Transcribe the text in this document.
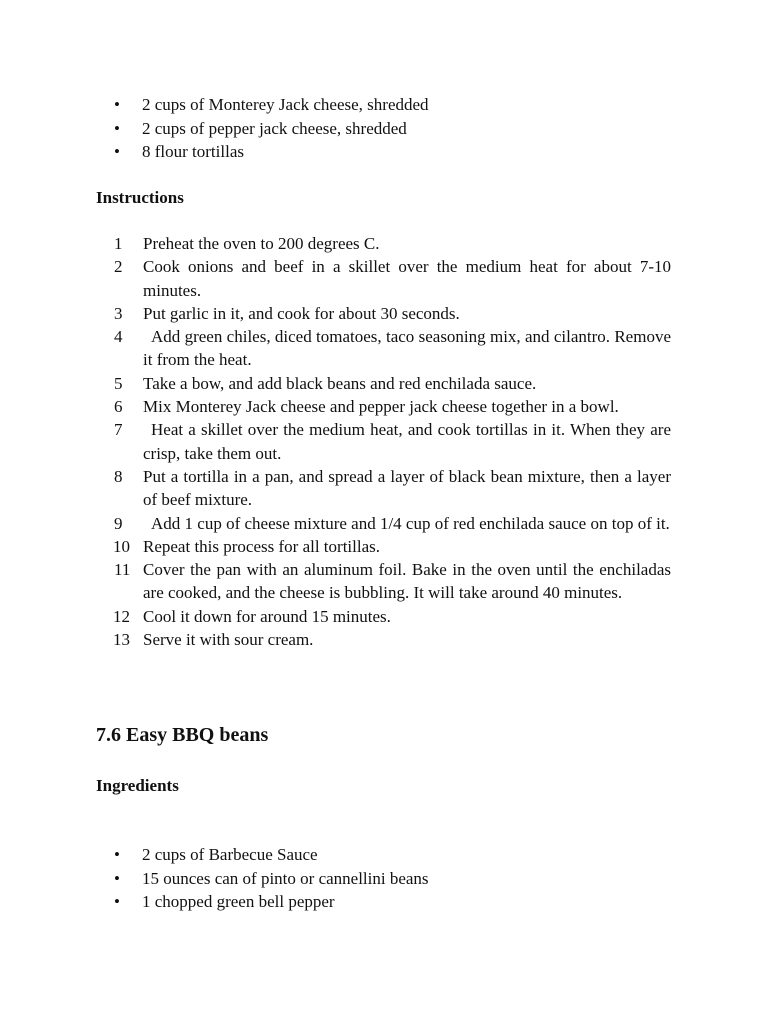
• 2 cups of Monterey Jack cheese, shredded
• 2 cups of pepper jack cheese, shredded
• 8 flour tortillas

Instructions

1 Preheat the oven to 200 degrees C.
2 Cook onions and beef in a skillet over the medium heat for about 7-10 minutes.
3 Put garlic in it, and cook for about 30 seconds.
4	Add green chiles, diced tomatoes, taco seasoning mix, and cilantro. Remove it from the heat.
5 Take a bow, and add black beans and red enchilada sauce.
6 Mix Monterey Jack cheese and pepper jack cheese together in a bowl.
7	Heat a skillet over the medium heat, and cook tortillas in it. When they are crisp, take them out.
8 Put a tortilla in a pan, and spread a layer of black bean mixture, then a layer of beef mixture.
9	Add 1 cup of cheese mixture and 1/4 cup of red enchilada sauce on top of it.
10 Repeat this process for all tortillas.
11 Cover the pan with an aluminum foil. Bake in the oven until the enchiladas are cooked, and the cheese is bubbling. It will take around 40 minutes.
12 Cool it down for around 15 minutes.
13 Serve it with sour cream.
7.6 Easy BBQ beans

Ingredients

• 2 cups of Barbecue Sauce
• 15 ounces can of pinto or cannellini beans
• 1 chopped green bell pepper
